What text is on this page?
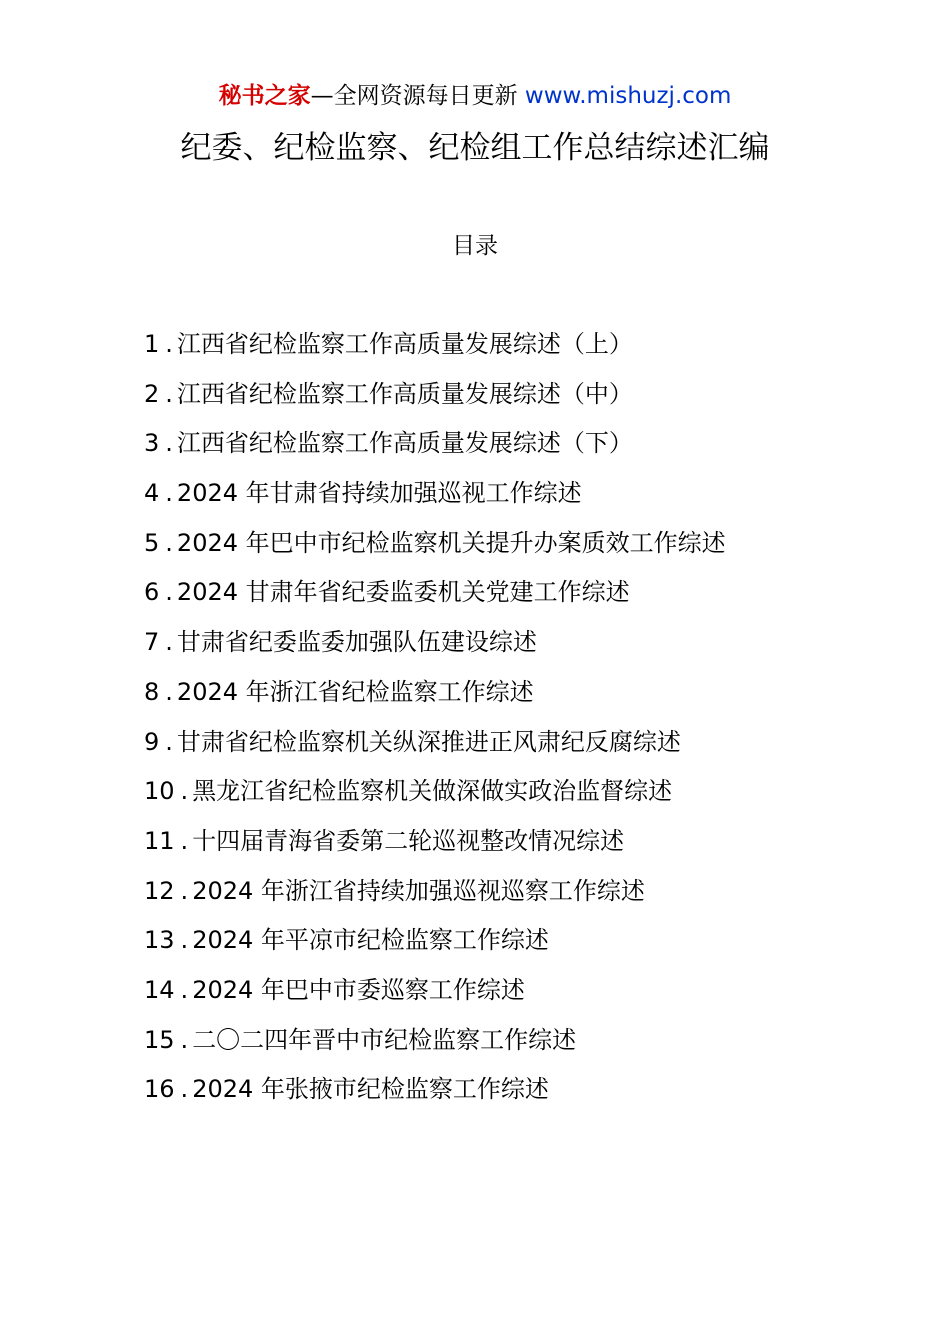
秘书之家—全网资源每日更新 www.mishuzj.com
纪委、纪检监察、纪检组工作总结综述汇编
目录
1 . 江西省纪检监察工作高质量发展综述（上）
2 . 江西省纪检监察工作高质量发展综述（中）
3 . 江西省纪检监察工作高质量发展综述（下）
4 . 2024 年甘肃省持续加强巡视工作综述
5 . 2024 年巴中市纪检监察机关提升办案质效工作综述
6 . 2024 甘肃年省纪委监委机关党建工作综述
7 . 甘肃省纪委监委加强队伍建设综述
8 . 2024 年浙江省纪检监察工作综述
9 . 甘肃省纪检监察机关纵深推进正风肃纪反腐综述
10 . 黑龙江省纪检监察机关做深做实政治监督综述
11 . 十四届青海省委第二轮巡视整改情况综述
12 . 2024 年浙江省持续加强巡视巡察工作综述
13 . 2024 年平凉市纪检监察工作综述
14 . 2024 年巴中市委巡察工作综述
15 . 二〇二四年晋中市纪检监察工作综述
16 . 2024 年张掖市纪检监察工作综述
